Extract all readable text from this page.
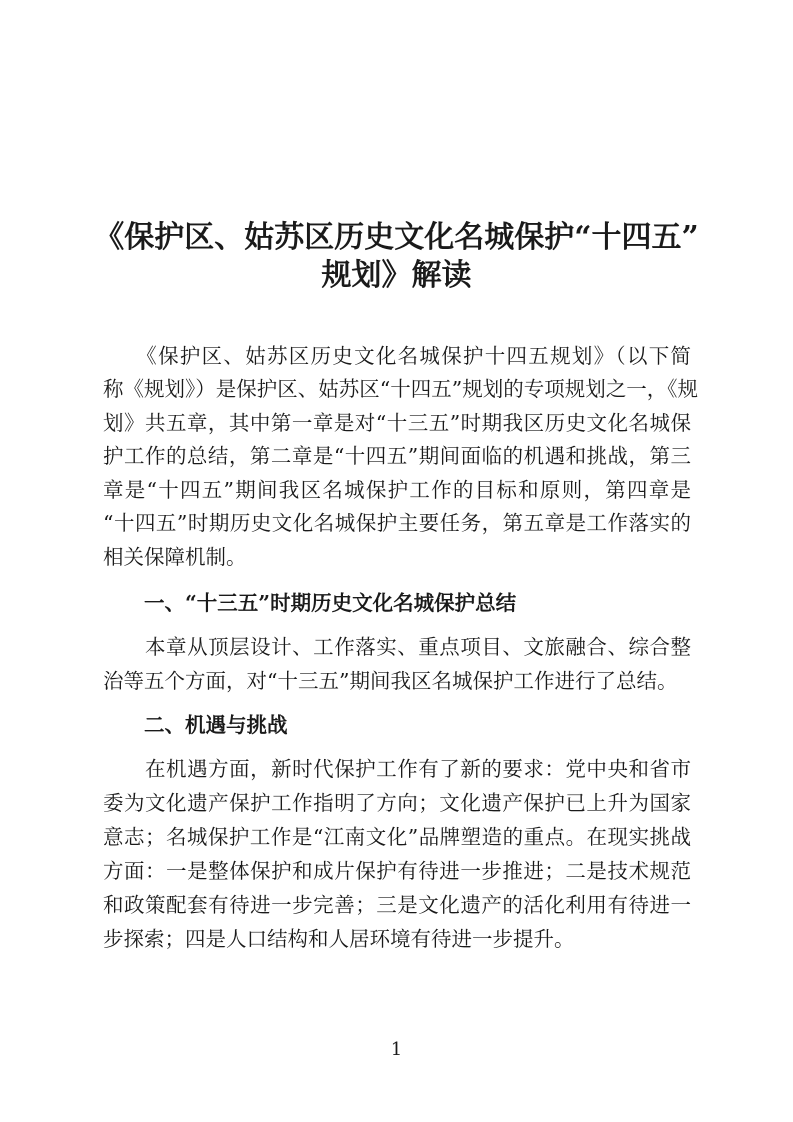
《保护区、姑苏区历史文化名城保护“十四五”
规划》解读
　　《保护区、姑苏区历史文化名城保护十四五规划》（以下简
称《规划》）是保护区、姑苏区“十四五”规划的专项规划之一，《规
划》共五章，其中第一章是对“十三五”时期我区历史文化名城保
护工作的总结，第二章是“十四五”期间面临的机遇和挑战，第三
章是“十四五”期间我区名城保护工作的目标和原则，第四章是
“十四五”时期历史文化名城保护主要任务，第五章是工作落实的
相关保障机制。
　　一、“十三五”时期历史文化名城保护总结
　　本章从顶层设计、工作落实、重点项目、文旅融合、综合整
治等五个方面，对“十三五”期间我区名城保护工作进行了总结。
　　二、机遇与挑战
　　在机遇方面，新时代保护工作有了新的要求：党中央和省市
委为文化遗产保护工作指明了方向；文化遗产保护已上升为国家
意志；名城保护工作是“江南文化”品牌塑造的重点。在现实挑战
方面：一是整体保护和成片保护有待进一步推进；二是技术规范
和政策配套有待进一步完善；三是文化遗产的活化利用有待进一
步探索；四是人口结构和人居环境有待进一步提升。
1
